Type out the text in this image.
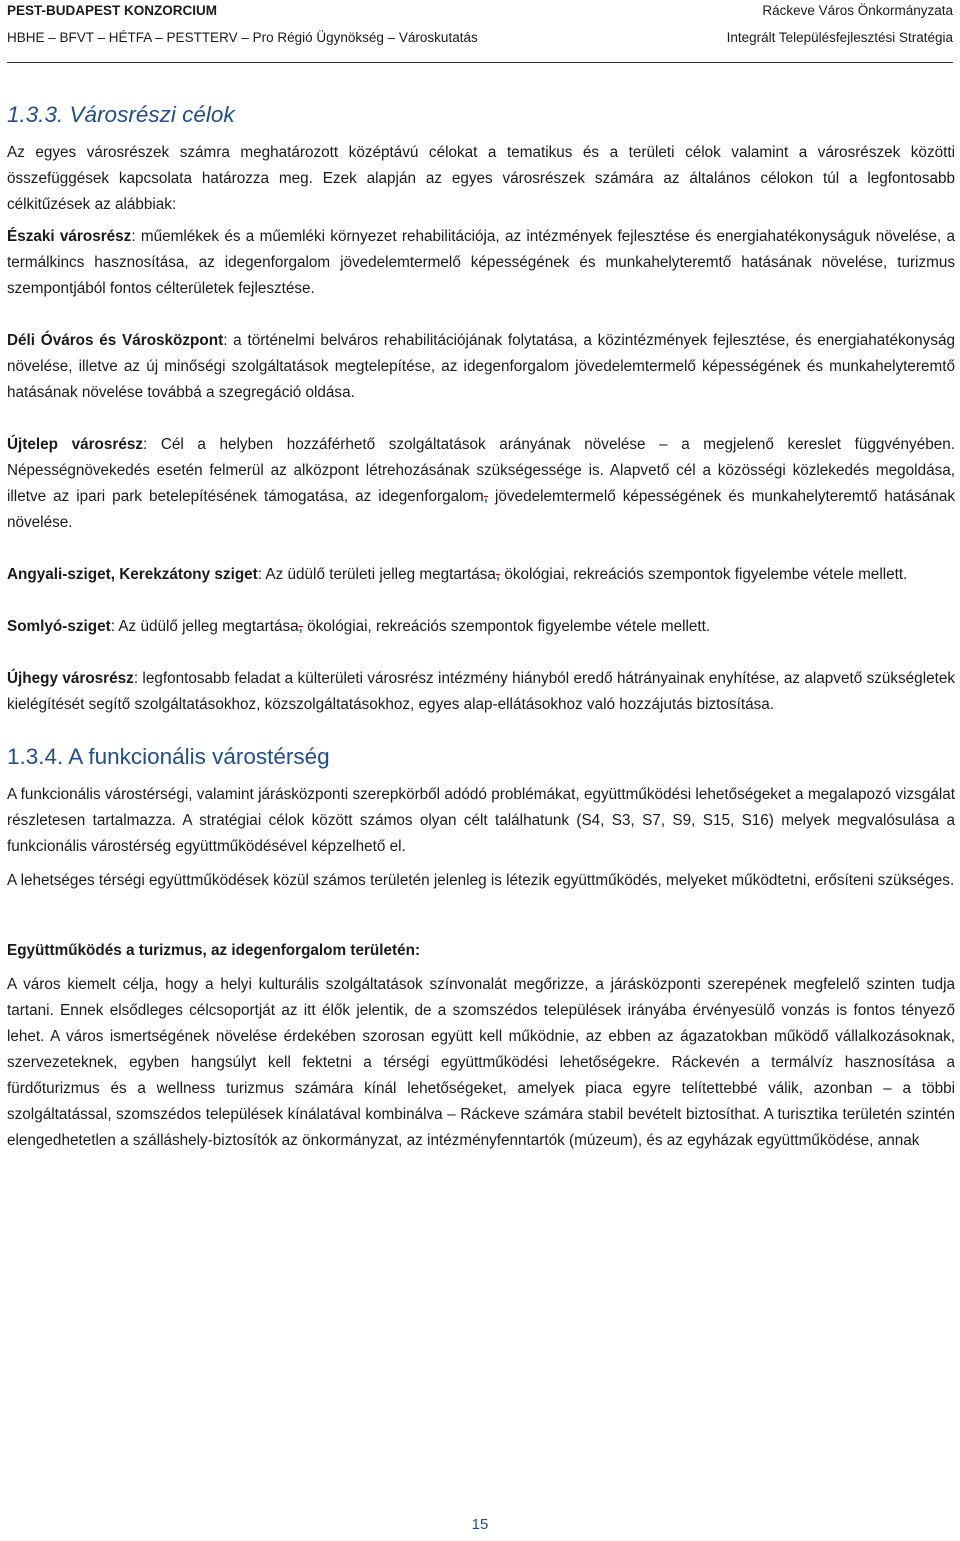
PEST-BUDAPEST KONZORCIUM	Ráckeve Város Önkormányzata
HBHE – BFVT – HÉTFA – PESTTERV – Pro Régió Ügynökség – Városkutatás	Integrált Településfejlesztési Stratégia
1.3.3. Városrészi célok

Az egyes városrészek számra meghatározott középtávú célokat a tematikus és a területi célok valamint a városrészek közötti összefüggések kapcsolata határozza meg. Ezek alapján az egyes városrészek számára az általános célokon túl a legfontosabb célkitűzések az alábbiak:

Északi városrész: műemlékek és a műemléki környezet rehabilitációja, az intézmények fejlesztése és energiahatékonyságuk növelése, a termálkincs hasznosítása, az idegenforgalom jövedelemtermelő képességének és munkahelyteremtő hatásának növelése, turizmus szempontjából fontos célterületek fejlesztése.

Déli Óváros és Városközpont: a történelmi belváros rehabilitációjának folytatása, a közintézmények fejlesztése, és energiahatékonyság növelése, illetve az új minőségi szolgáltatások megtelepítése, az idegenforgalom jövedelemtermelő képességének és munkahelyteremtő hatásának növelése továbbá a szegregáció oldása.

Újtelep városrész: Cél a helyben hozzáférhető szolgáltatások arányának növelése – a megjelenő kereslet függvényében. Népességnövekedés esetén felmerül az alközpont létrehozásának szükségessége is. Alapvető cél a közösségi közlekedés megoldása, illetve az ipari park betelepítésének támogatása, az idegenforgalom, jövedelemtermelő képességének és munkahelyteremtő hatásának növelése.

Angyali-sziget, Kerekzátony sziget: Az üdülő területi jelleg megtartása, ökológiai, rekreációs szempontok figyelembe vétele mellett.

Somlyó-sziget: Az üdülő jelleg megtartása, ökológiai, rekreációs szempontok figyelembe vétele mellett.

Újhegy városrész: legfontosabb feladat a külterületi városrész intézmény hiányból eredő hátrányainak enyhítése, az alapvető szükségletek kielégítését segítő szolgáltatásokhoz, közszolgáltatásokhoz, egyes alap-ellátásokhoz való hozzájutás biztosítása.

1.3.4. A funkcionális várostérség

A funkcionális várostérségi, valamint járásközponti szerepkörből adódó problémákat, együttműködési lehetőségeket a megalapozó vizsgálat részletesen tartalmazza. A stratégiai célok között számos olyan célt találhatunk (S4, S3, S7, S9, S15, S16) melyek megvalósulása a funkcionális várostérség együttműködésével képzelhető el.

A lehetséges térségi együttműködések közül számos területén jelenleg is létezik együttműködés, melyeket működtetni, erősíteni szükséges.

Együttműködés a turizmus, az idegenforgalom területén:

A város kiemelt célja, hogy a helyi kulturális szolgáltatások színvonalát megőrizze, a járásközponti szerepének megfelelő szinten tudja tartani. Ennek elsődleges célcsoportját az itt élők jelentik, de a szomszédos települések irányába érvényesülő vonzás is fontos tényező lehet. A város ismertségének növelése érdekében szorosan együtt kell működnie, az ebben az ágazatokban működő vállalkozásoknak, szervezeteknek, egyben hangsúlyt kell fektetni a térségi együttműködési lehetőségekre. Ráckevén a termálvíz hasznosítása a fürdőturizmus és a wellness turizmus számára kínál lehetőségeket, amelyek piaca egyre telítettebbé válik, azonban – a többi szolgáltatással, szomszédos települések kínálatával kombinálva – Ráckeve számára stabil bevételt biztosíthat. A turisztika területén szintén elengedhetetlen a szálláshely-biztosítók az önkormányzat, az intézményfenntartók (múzeum), és az egyházak együttműködése, annak

15
